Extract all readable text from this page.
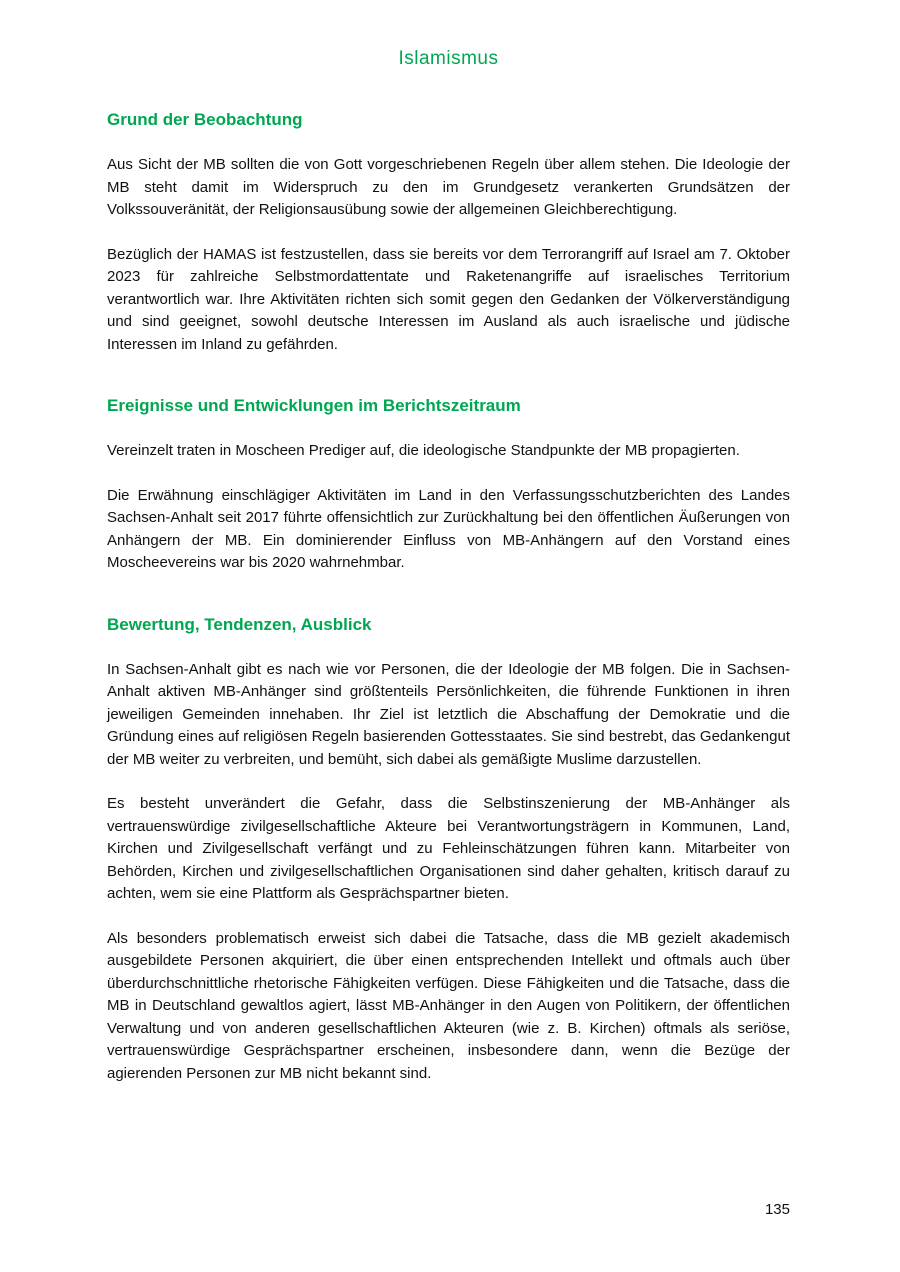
Islamismus
Grund der Beobachtung

Aus Sicht der MB sollten die von Gott vorgeschriebenen Regeln über allem stehen. Die Ideologie der MB steht damit im Widerspruch zu den im Grundgesetz verankerten Grundsätzen der Volkssouveränität, der Religionsausübung sowie der allgemeinen Gleichberechtigung.

Bezüglich der HAMAS ist festzustellen, dass sie bereits vor dem Terrorangriff auf Israel am 7. Oktober 2023 für zahlreiche Selbstmordattentate und Raketenangriffe auf israelisches Territorium verantwortlich war. Ihre Aktivitäten richten sich somit gegen den Gedanken der Völkerverständigung und sind geeignet, sowohl deutsche Interessen im Ausland als auch israelische und jüdische Interessen im Inland zu gefährden.

Ereignisse und Entwicklungen im Berichtszeitraum

Vereinzelt traten in Moscheen Prediger auf, die ideologische Standpunkte der MB propagierten.

Die Erwähnung einschlägiger Aktivitäten im Land in den Verfassungsschutzberichten des Landes Sachsen-Anhalt seit 2017 führte offensichtlich zur Zurückhaltung bei den öffentlichen Äußerungen von Anhängern der MB. Ein dominierender Einfluss von MB-Anhängern auf den Vorstand eines Moscheevereins war bis 2020 wahrnehmbar.

Bewertung, Tendenzen, Ausblick

In Sachsen-Anhalt gibt es nach wie vor Personen, die der Ideologie der MB folgen. Die in Sachsen-Anhalt aktiven MB-Anhänger sind größtenteils Persönlichkeiten, die führende Funktionen in ihren jeweiligen Gemeinden innehaben. Ihr Ziel ist letztlich die Abschaffung der Demokratie und die Gründung eines auf religiösen Regeln basierenden Gottesstaates. Sie sind bestrebt, das Gedankengut der MB weiter zu verbreiten, und bemüht, sich dabei als gemäßigte Muslime darzustellen.

Es besteht unverändert die Gefahr, dass die Selbstinszenierung der MB-Anhänger als vertrauenswürdige zivilgesellschaftliche Akteure bei Verantwortungsträgern in Kommunen, Land, Kirchen und Zivilgesellschaft verfängt und zu Fehleinschätzungen führen kann. Mitarbeiter von Behörden, Kirchen und zivilgesellschaftlichen Organisationen sind daher gehalten, kritisch darauf zu achten, wem sie eine Plattform als Gesprächspartner bieten.

Als besonders problematisch erweist sich dabei die Tatsache, dass die MB gezielt akademisch ausgebildete Personen akquiriert, die über einen entsprechenden Intellekt und oftmals auch über überdurchschnittliche rhetorische Fähigkeiten verfügen. Diese Fähigkeiten und die Tatsache, dass die MB in Deutschland gewaltlos agiert, lässt MB-Anhänger in den Augen von Politikern, der öffentlichen Verwaltung und von anderen gesellschaftlichen Akteuren (wie z. B. Kirchen) oftmals als seriöse, vertrauenswürdige Gesprächspartner erscheinen, insbesondere dann, wenn die Bezüge der agierenden Personen zur MB nicht bekannt sind.

135
